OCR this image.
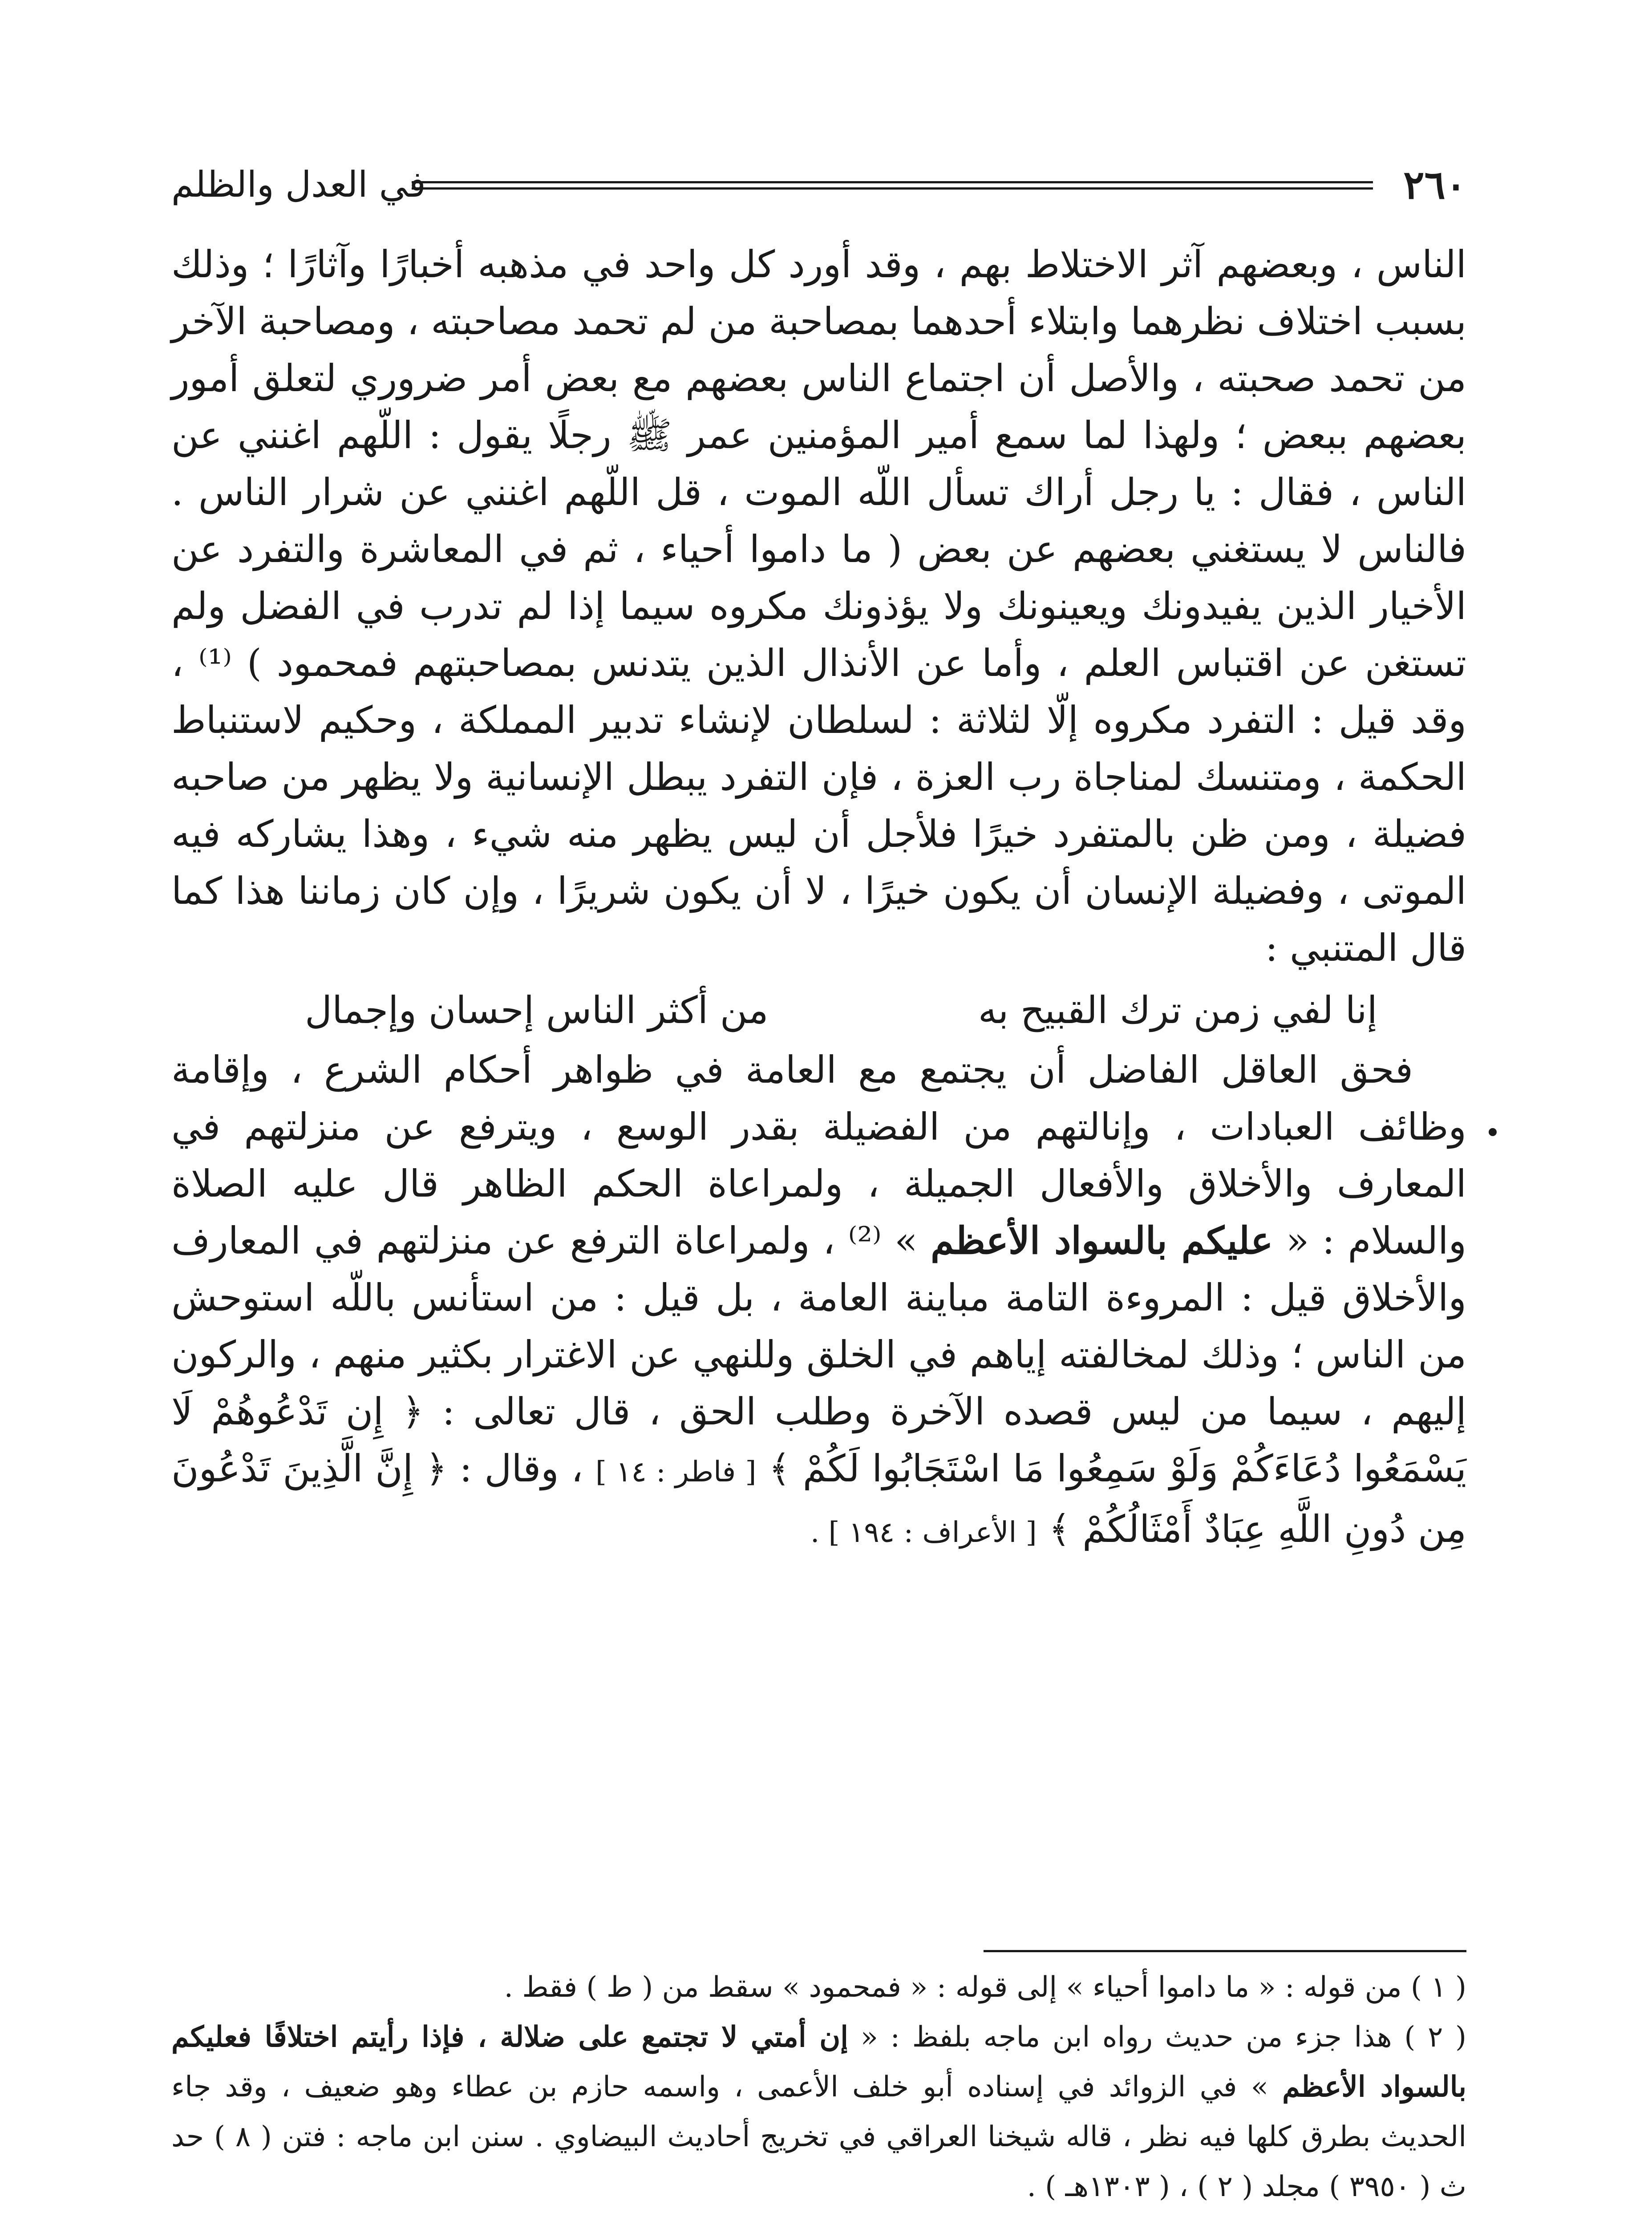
٢٦٠
في العدل والظلم

الناس ، وبعضهم آثر الاختلاط بهم ، وقد أورد كل واحد في مذهبه أخبارًا وآثارًا ؛ وذلك بسبب اختلاف نظرهما وابتلاء أحدهما بمصاحبة من لم تحمد مصاحبته ، ومصاحبة الآخر من تحمد صحبته ، والأصل أن اجتماع الناس بعضهم مع بعض أمر ضروري لتعلق أمور بعضهم ببعض ؛ ولهذا لما سمع أمير المؤمنين عمر ﷺ رجلًا يقول : اللّهم اغنني عن الناس ، فقال : يا رجل أراك تسأل اللّه الموت ، قل اللّهم اغنني عن شرار الناس . فالناس لا يستغني بعضهم عن بعض ( ما داموا أحياء ، ثم في المعاشرة والتفرد عن الأخيار الذين يفيدونك ويعينونك ولا يؤذونك مكروه سيما إذا لم تدرب في الفضل ولم تستغن عن اقتباس العلم ، وأما عن الأنذال الذين يتدنس بمصاحبتهم فمحمود ) ⁽¹⁾ ، وقد قيل : التفرد مكروه إلّا لثلاثة : لسلطان لإنشاء تدبير المملكة ، وحكيم لاستنباط الحكمة ، ومتنسك لمناجاة رب العزة ، فإن التفرد يبطل الإنسانية ولا يظهر من صاحبه فضيلة ، ومن ظن بالمتفرد خيرًا فلأجل أن ليس يظهر منه شيء ، وهذا يشاركه فيه الموتى ، وفضيلة الإنسان أن يكون خيرًا ، لا أن يكون شريرًا ، وإن كان زماننا هذا كما قال المتنبي :

إنا لفي زمن ترك القبيح به
من أكثر الناس إحسان وإجمال

فحق العاقل الفاضل أن يجتمع مع العامة في ظواهر أحكام الشرع ، وإقامة وظائف العبادات ، وإنالتهم من الفضيلة بقدر الوسع ، ويترفع عن منزلتهم في المعارف والأخلاق والأفعال الجميلة ، ولمراعاة الحكم الظاهر قال عليه الصلاة والسلام : « عليكم بالسواد الأعظم » ⁽²⁾ ، ولمراعاة الترفع عن منزلتهم في المعارف والأخلاق قيل : المروءة التامة مباينة العامة ، بل قيل : من استأنس باللّه استوحش من الناس ؛ وذلك لمخالفته إياهم في الخلق وللنهي عن الاغترار بكثير منهم ، والركون إليهم ، سيما من ليس قصده الآخرة وطلب الحق ، قال تعالى : ﴿ إِن تَدْعُوهُمْ لَا يَسْمَعُوا دُعَاءَكُمْ وَلَوْ سَمِعُوا مَا اسْتَجَابُوا لَكُمْ ﴾ [ فاطر : ١٤ ] ، وقال : ﴿ إِنَّ الَّذِينَ تَدْعُونَ مِن دُونِ اللَّهِ عِبَادٌ أَمْثَالُكُمْ ﴾ [ الأعراف : ١٩٤ ] .

( ١ ) من قوله : « ما داموا أحياء » إلى قوله : « فمحمود » سقط من ( ط ) فقط .

( ٢ ) هذا جزء من حديث رواه ابن ماجه بلفظ : « إن أمتي لا تجتمع على ضلالة ، فإذا رأيتم اختلافًا فعليكم بالسواد الأعظم » في الزوائد في إسناده أبو خلف الأعمى ، واسمه حازم بن عطاء وهو ضعيف ، وقد جاء الحديث بطرق كلها فيه نظر ، قاله شيخنا العراقي في تخريج أحاديث البيضاوي . سنن ابن ماجه : فتن ( ٨ ) حد ث ( ٣٩٥٠ ) مجلد ( ٢ ) ، ( ١٣٠٣هـ ) .
